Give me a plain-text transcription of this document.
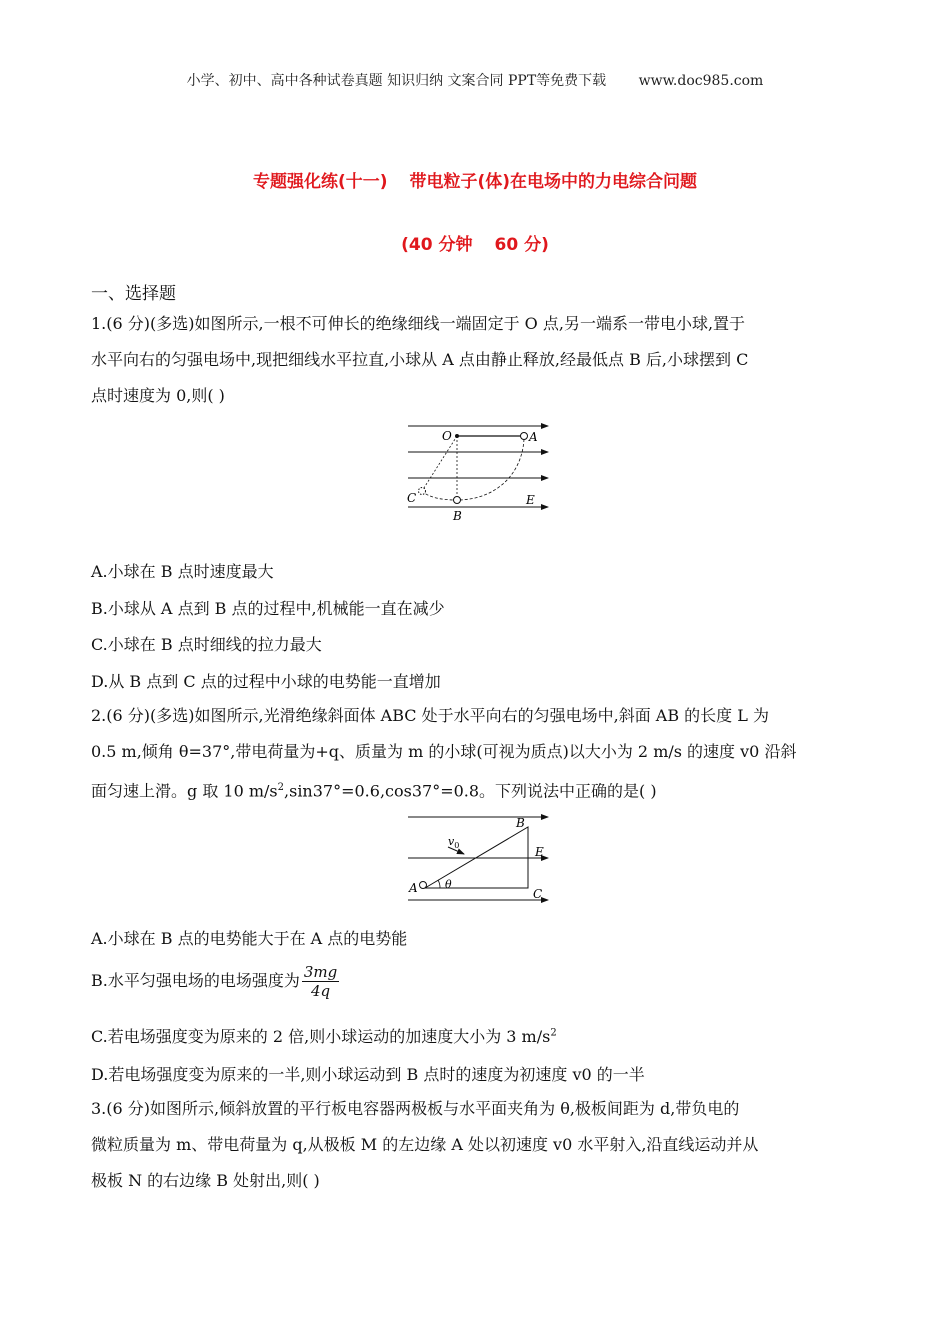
小学、初中、高中各种试卷真题 知识归纳 文案合同 PPT等免费下载 www.doc985.com
专题强化练(十一) 带电粒子(体)在电场中的力电综合问题
(40 分钟 60 分)
一、选择题
1.(6 分)(多选)如图所示,一根不可伸长的绝缘细线一端固定于 O 点,另一端系一带电小球,置于
水平向右的匀强电场中,现把细线水平拉直,小球从 A 点由静止释放,经最低点 B 后,小球摆到 C
点时速度为 0,则( )
O	A
B
C	E
A.小球在 B 点时速度最大
B.小球从 A 点到 B 点的过程中,机械能一直在减少
C.小球在 B 点时细线的拉力最大
D.从 B 点到 C 点的过程中小球的电势能一直增加
2.(6 分)(多选)如图所示,光滑绝缘斜面体 ABC 处于水平向右的匀强电场中,斜面 AB 的长度 L 为
0.5 m,倾角 θ=37°,带电荷量为+q、质量为 m 的小球(可视为质点)以大小为 2 m/s 的速度 v0 沿斜
面匀速上滑。g 取 10 $m/s^2,\sin 37^\circ=0.6,\cos 37^\circ=0.8$。下列说法中正确的是( )
$v_0$
θ
A
B
C
E
A.小球在 B 点的电势能大于在 A 点的电势能
B.水平匀强电场的电场强度为 $\frac{3mg}{4q}$
C.若电场强度变为原来的 2 倍,则小球运动的加速度大小为 3 $m/s^2$
D.若电场强度变为原来的一半,则小球运动到 B 点时的速度为初速度 v0 的一半
3.(6 分)如图所示,倾斜放置的平行板电容器两极板与水平面夹角为 θ,极板间距为 d,带负电的
微粒质量为 m、带电荷量为 q,从极板 M 的左边缘 A 处以初速度 v0 水平射入,沿直线运动并从
极板 N 的右边缘 B 处射出,则( )
